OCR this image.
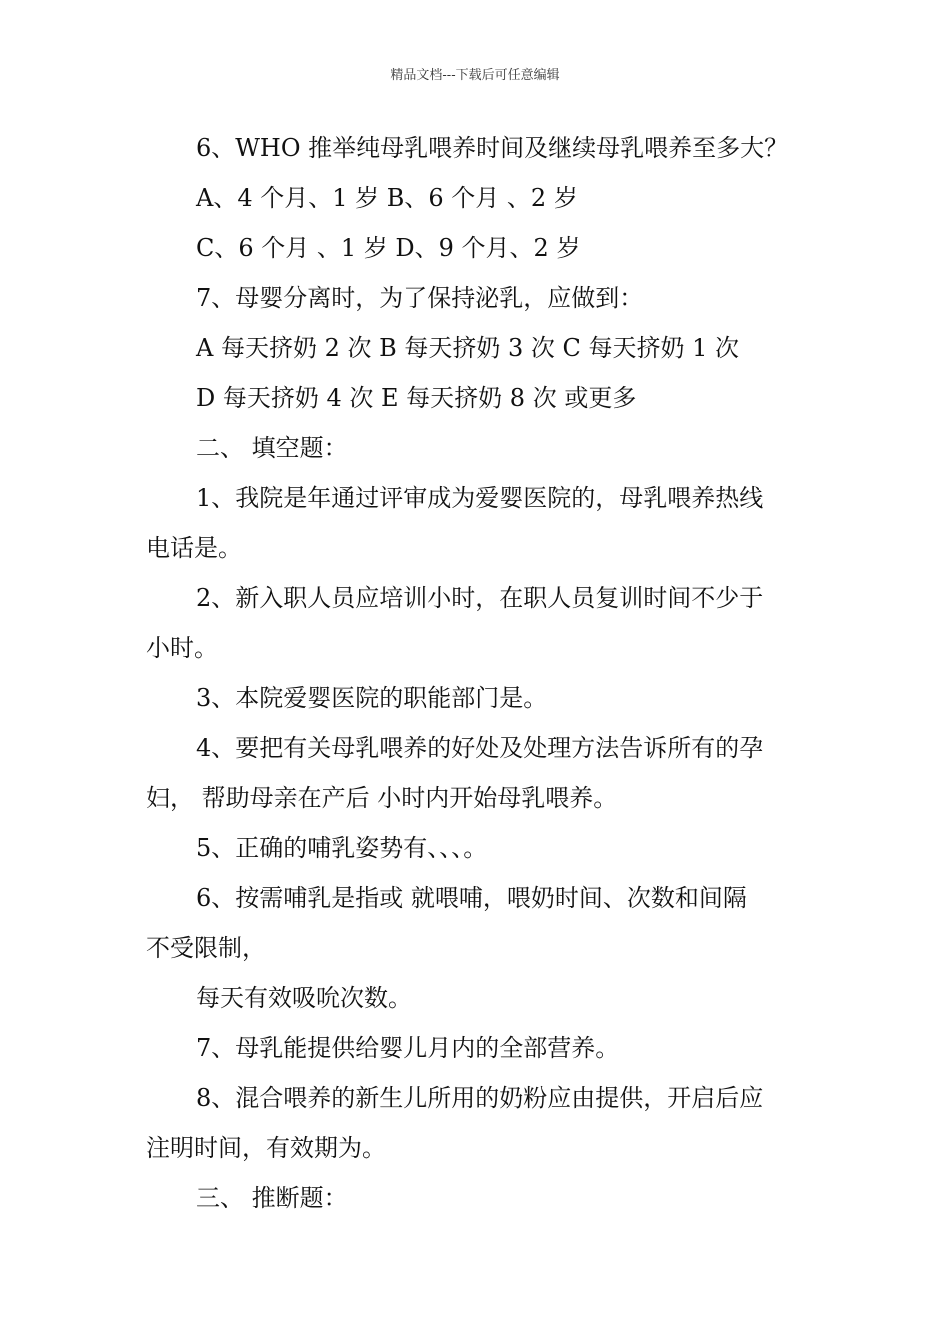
精品文档---下载后可任意编辑
6、WHO 推举纯母乳喂养时间及继续母乳喂养至多大？
A、4 个月、1 岁 B、6 个月 、2 岁
C、6 个月 、1 岁 D、9 个月、2 岁
7、母婴分离时，为了保持泌乳，应做到：
A 每天挤奶 2 次 B 每天挤奶 3 次 C 每天挤奶 1 次
D 每天挤奶 4 次 E 每天挤奶 8 次 或更多
二、 填空题：
1、我院是年通过评审成为爱婴医院的，母乳喂养热线
电话是。
2、新入职人员应培训小时，在职人员复训时间不少于
小时。
3、本院爱婴医院的职能部门是。
4、要把有关母乳喂养的好处及处理方法告诉所有的孕
妇， 帮助母亲在产后 小时内开始母乳喂养。
5、正确的哺乳姿势有、、、。
6、按需哺乳是指或 就喂哺，喂奶时间、次数和间隔
不受限制，
每天有效吸吮次数。
7、母乳能提供给婴儿月内的全部营养。
8、混合喂养的新生儿所用的奶粉应由提供，开启后应
注明时间，有效期为。
三、 推断题：
